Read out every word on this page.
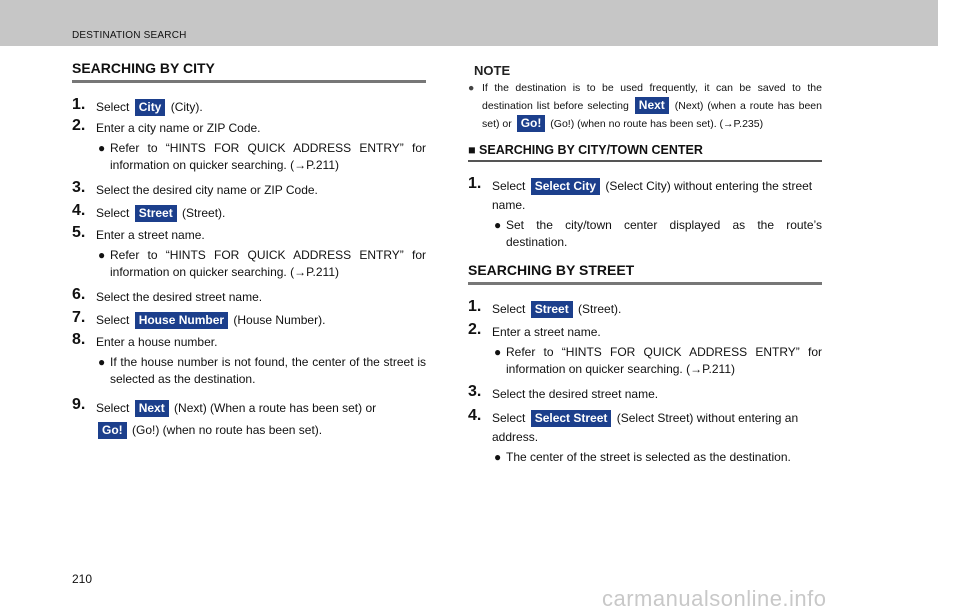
DESTINATION SEARCH
SEARCHING BY CITY
1. Select City (City).
2. Enter a city name or ZIP Code.
● Refer to “HINTS FOR QUICK ADDRESS ENTRY” for information on quicker searching. (→P.211)
3. Select the desired city name or ZIP Code.
4. Select Street (Street).
5. Enter a street name.
● Refer to “HINTS FOR QUICK ADDRESS ENTRY” for information on quicker searching. (→P.211)
6. Select the desired street name.
7. Select House Number (House Number).
8. Enter a house number.
● If the house number is not found, the center of the street is selected as the destination.
9. Select Next (Next) (When a route has been set) or
Go! (Go!) (when no route has been set).
NOTE
● If the destination is to be used frequently, it can be saved to the destination list before selecting Next (Next) (when a route has been set) or Go! (Go!) (when no route has been set). (→P.235)
■ SEARCHING BY CITY/TOWN CENTER
1. Select Select City (Select City) without entering the street name.
● Set the city/town center displayed as the route’s destination.
SEARCHING BY STREET
1. Select Street (Street).
2. Enter a street name.
● Refer to “HINTS FOR QUICK ADDRESS ENTRY” for information on quicker searching. (→P.211)
3. Select the desired street name.
4. Select Select Street (Select Street) without entering an address.
● The center of the street is selected as the destination.
210
carmanualsonline.info
